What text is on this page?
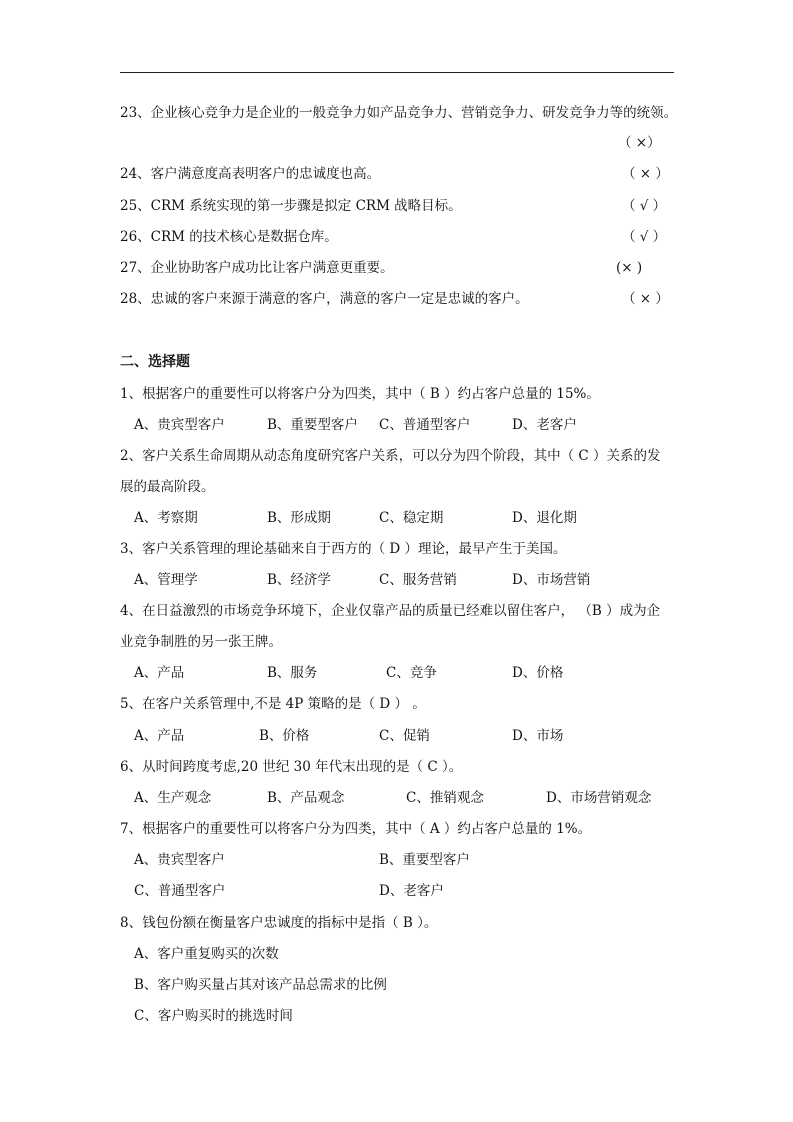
23、企业核心竞争力是企业的一般竞争力如产品竞争力、营销竞争力、研发竞争力等的统领。
（ ×）
24、客户满意度高表明客户的忠诚度也高。	（ × ）
25、CRM 系统实现的第一步骤是拟定 CRM 战略目标。	（ √ ）
26、CRM 的技术核心是数据仓库。	（ √ ）
27、企业协助客户成功比让客户满意更重要。	(× )
28、忠诚的客户来源于满意的客户，满意的客户一定是忠诚的客户。	（ × ）
二、选择题
1、根据客户的重要性可以将客户分为四类，其中（ B ）约占客户总量的 15%。
A、贵宾型客户	B、重要型客户 C、普通型客户	D、老客户
2、客户关系生命周期从动态角度研究客户关系，可以分为四个阶段，其中（ C ）关系的发
展的最高阶段。
A、考察期	B、形成期	C、稳定期	D、退化期
3、客户关系管理的理论基础来自于西方的（ D ）理论，最早产生于美国。
A、管理学	B、经济学	C、服务营销	D、市场营销
4、在日益激烈的市场竞争环境下，企业仅靠产品的质量已经难以留住客户， （B ）成为企
业竞争制胜的另一张王牌。
A、产品	B、服务	C、竞争	D、价格
5、在客户关系管理中,不是 4P 策略的是（ D ） 。
A、产品	B、价格	C、促销	D、市场
6、从时间跨度考虑,20 世纪 30 年代末出现的是（ C ）。
A、生产观念	B、产品观念	C、推销观念	D、市场营销观念
7、根据客户的重要性可以将客户分为四类，其中（ A ）约占客户总量的 1%。
A、贵宾型客户	B、重要型客户
C、普通型客户	D、老客户
8、钱包份额在衡量客户忠诚度的指标中是指（ B ）。
A、客户重复购买的次数
B、客户购买量占其对该产品总需求的比例
C、客户购买时的挑选时间
